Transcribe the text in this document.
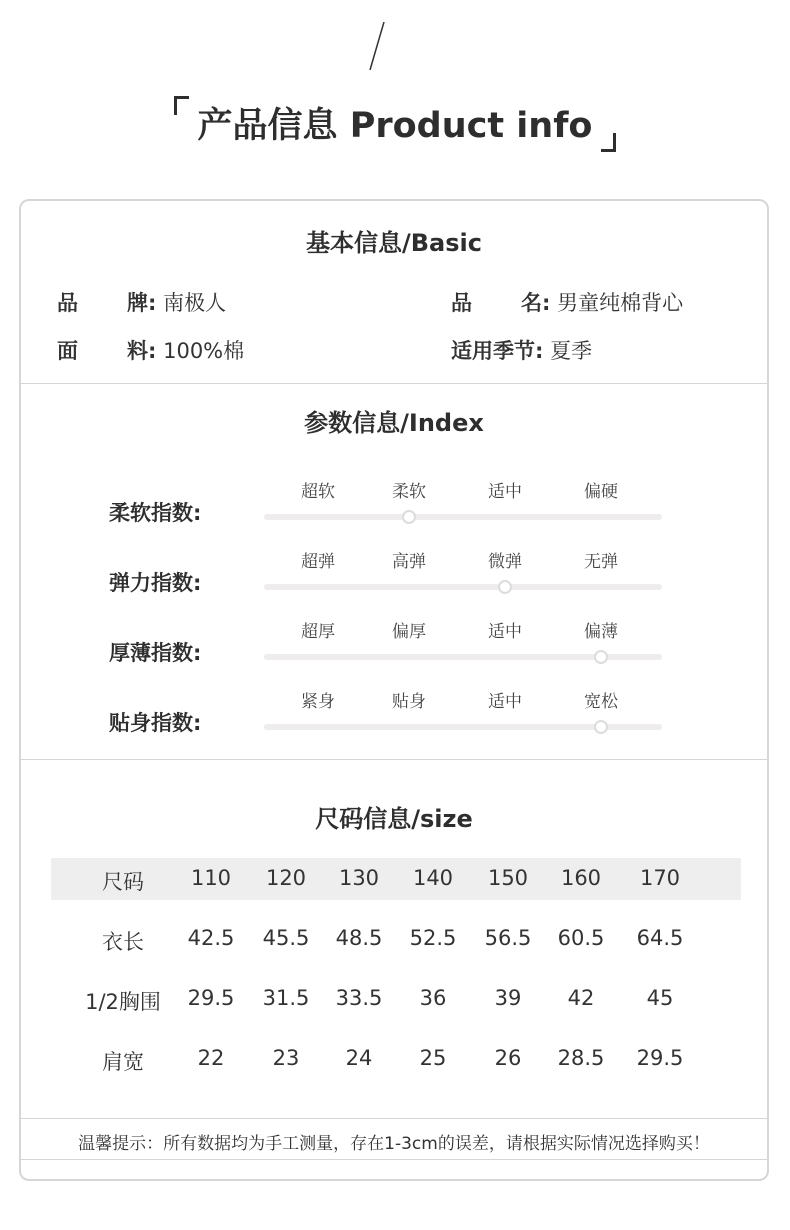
产品信息 Product info
基本信息/Basic
品 牌: 南极人	品 名: 男童纯棉背心
面 料: 100%棉	适用季节: 夏季
参数信息/Index
柔软指数:
超软	柔软	适中	偏硬
弹力指数:
超弹	高弹	微弹	无弹
厚薄指数:
超厚	偏厚	适中	偏薄
贴身指数:
紧身	贴身	适中	宽松
尺码信息/size
尺码	110	120	130	140	150	160	170
衣长	42.5	45.5	48.5	52.5	56.5	60.5	64.5
1/2胸围	29.5	31.5	33.5	36	39	42	45
肩宽	22	23	24	25	26	28.5	29.5
温馨提示：所有数据均为手工测量，存在1-3cm的误差，请根据实际情况选择购买！
